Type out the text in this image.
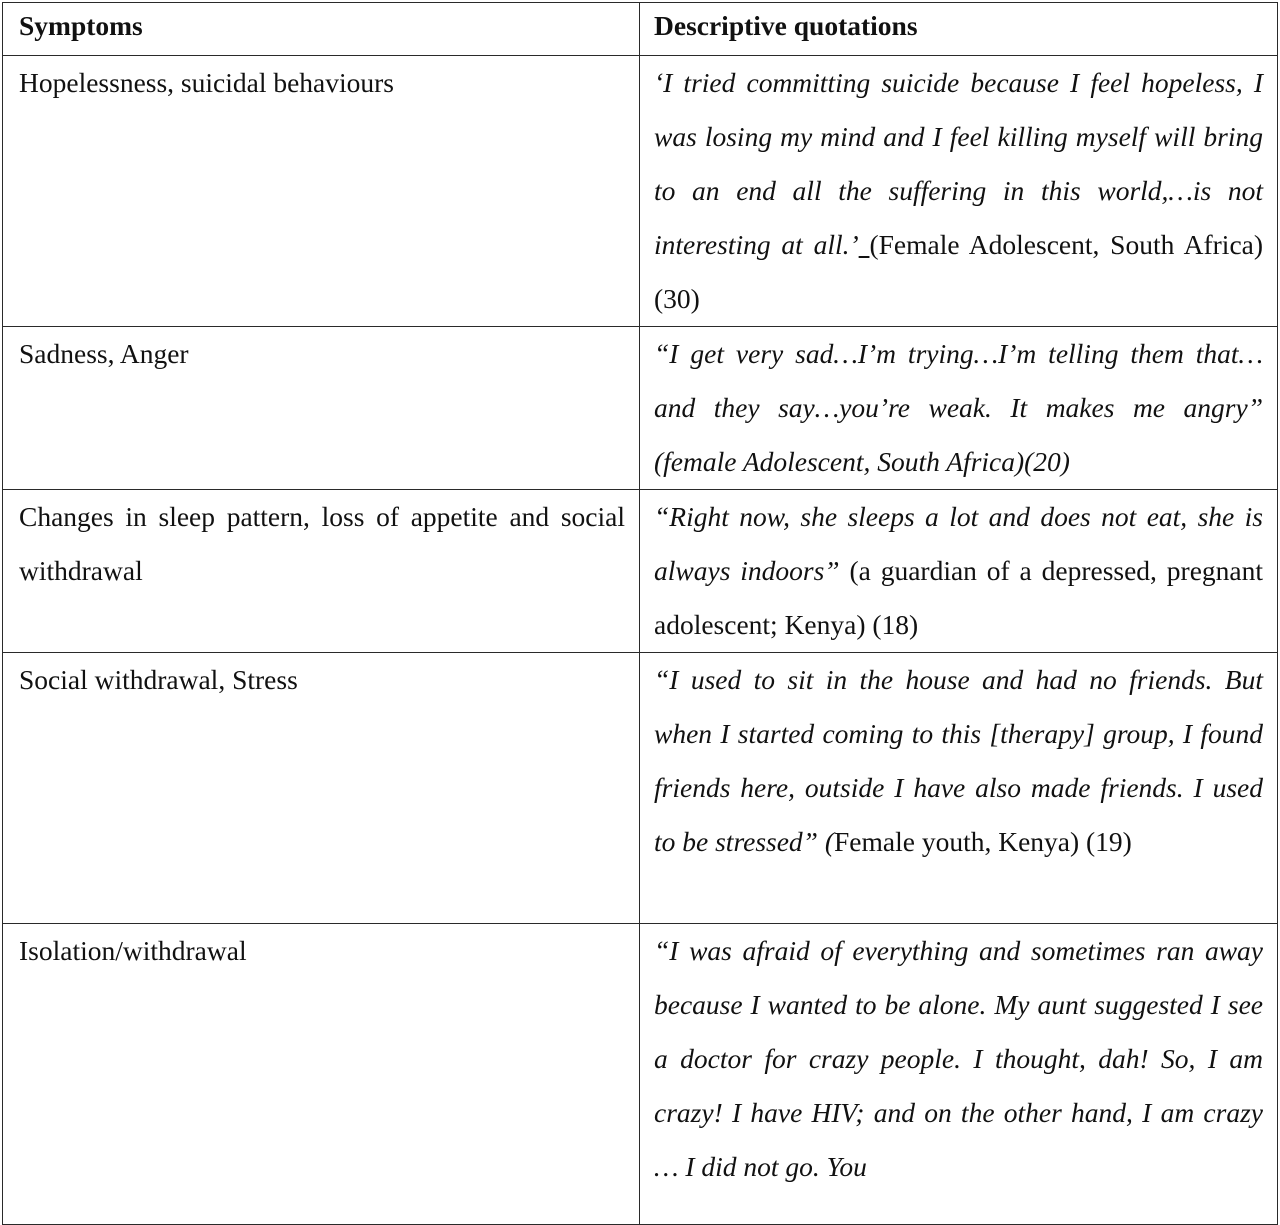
Symptoms	Descriptive quotations

Hopelessness, suicidal behaviours	‘I tried committing suicide because I feel hopeless, I was losing my mind and I feel killing myself will bring to an end all the suffering in this world,…is not interesting at all.’ (Female Adolescent, South Africa) (30)

Sadness, Anger	“I get very sad…I’m trying…I’m telling them that…and they say…you’re weak. It makes me angry” (female Adolescent, South Africa)(20)

Changes in sleep pattern, loss of appetite and social withdrawal	“Right now, she sleeps a lot and does not eat, she is always indoors” (a guardian of a depressed, pregnant adolescent; Kenya) (18)

Social withdrawal, Stress	“I used to sit in the house and had no friends. But when I started coming to this [therapy] group, I found friends here, outside I have also made friends. I used to be stressed” (Female youth, Kenya) (19)

Isolation/withdrawal	“I was afraid of everything and sometimes ran away because I wanted to be alone. My aunt suggested I see a doctor for crazy people. I thought, dah! So, I am crazy! I have HIV; and on the other hand, I am crazy … I did not go. You
